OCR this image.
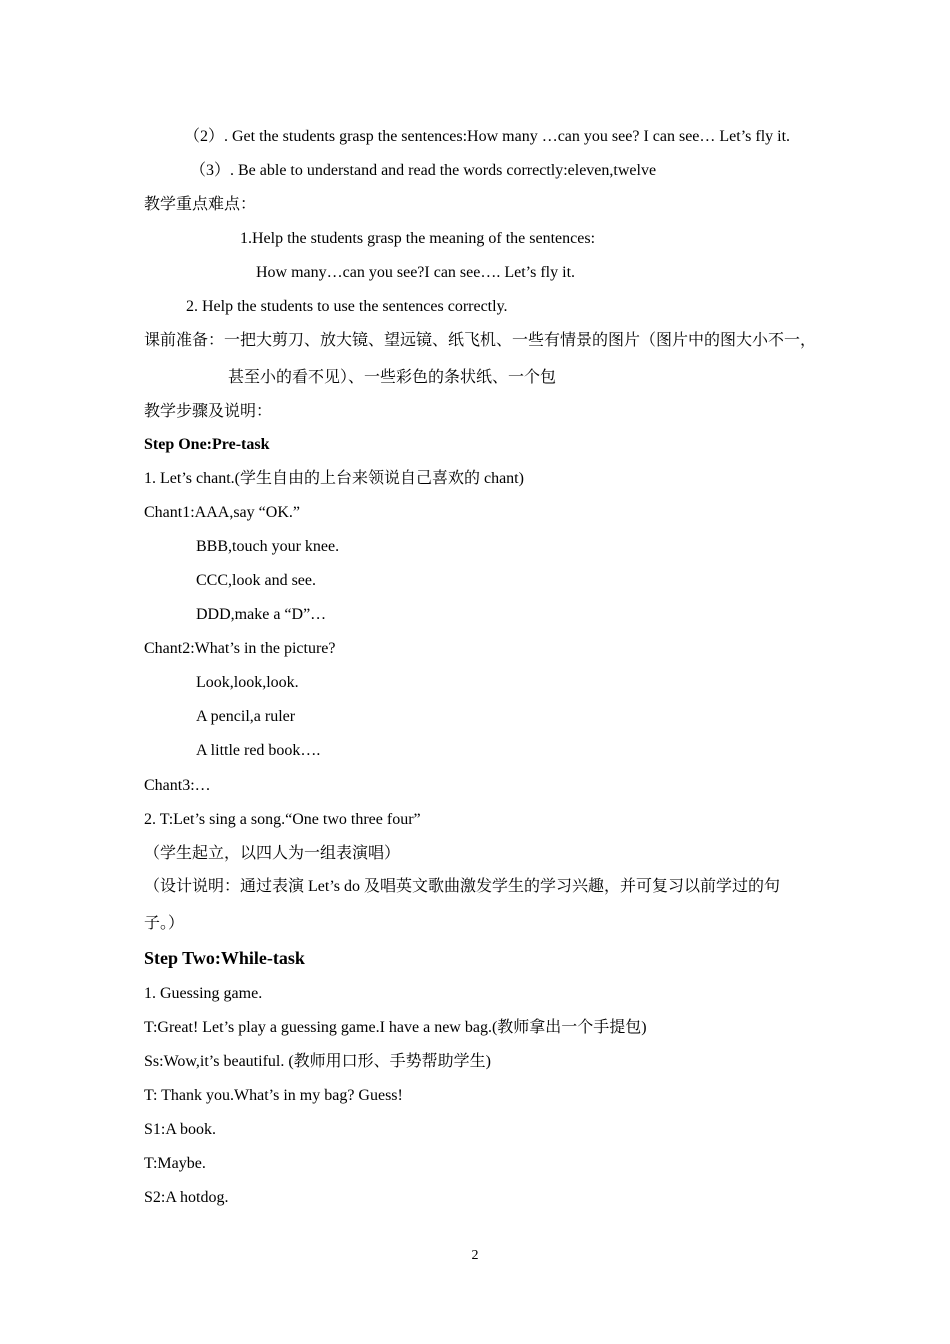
（2）. Get the students grasp the sentences:How many …can you see? I can see… Let’s fly it.
（3）. Be able to understand and read the words correctly:eleven,twelve
教学重点难点：
1.Help the students grasp the meaning of the sentences:
How many…can you see?I can see…. Let’s fly it.
2. Help the students to use the sentences correctly.
课前准备：一把大剪刀、放大镜、望远镜、纸飞机、一些有情景的图片（图片中的图大小不一，
甚至小的看不见）、一些彩色的条状纸、一个包
教学步骤及说明：
Step One:Pre-task
1. Let’s chant.(学生自由的上台来领说自己喜欢的 chant)
Chant1:AAA,say “OK.”
BBB,touch your knee.
CCC,look and see.
DDD,make a “D”…
Chant2:What’s in the picture?
Look,look,look.
A pencil,a ruler
A little red book….
Chant3:…
2. T:Let’s sing a song.“One two three four”
（学生起立，以四人为一组表演唱）
（设计说明：通过表演 Let’s do 及唱英文歌曲激发学生的学习兴趣，并可复习以前学过的句
子。）
Step Two:While-task
1. Guessing game.
T:Great! Let’s play a guessing game.I have a new bag.(教师拿出一个手提包)
Ss:Wow,it’s beautiful. (教师用口形、手势帮助学生)
T: Thank you.What’s in my bag? Guess!
S1:A book.
T:Maybe.
S2:A hotdog.
2
